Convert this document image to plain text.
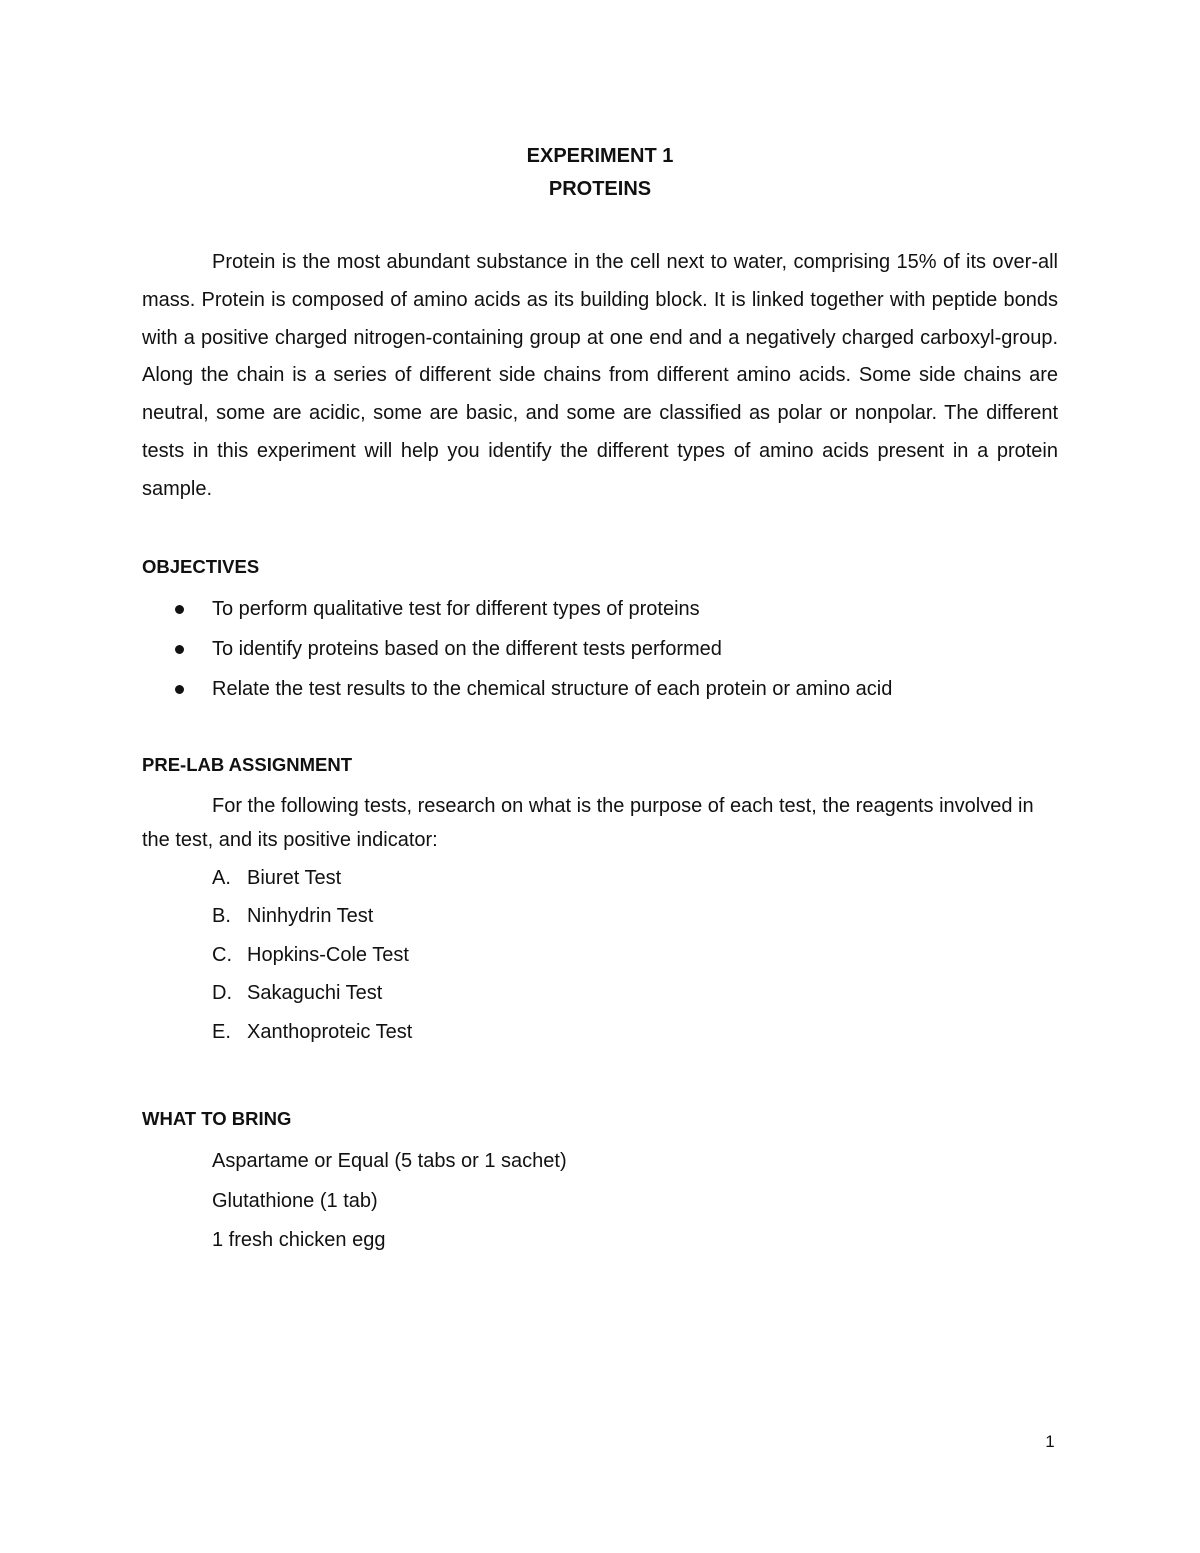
EXPERIMENT 1
PROTEINS

Protein is the most abundant substance in the cell next to water, comprising 15% of its over-all mass. Protein is composed of amino acids as its building block. It is linked together with peptide bonds with a positive charged nitrogen-containing group at one end and a negatively charged carboxyl-group. Along the chain is a series of different side chains from different amino acids. Some side chains are neutral, some are acidic, some are basic, and some are classified as polar or nonpolar. The different tests in this experiment will help you identify the different types of amino acids present in a protein sample.

OBJECTIVES
To perform qualitative test for different types of proteins
To identify proteins based on the different tests performed
Relate the test results to the chemical structure of each protein or amino acid
PRE-LAB ASSIGNMENT

For the following tests, research on what is the purpose of each test, the reagents involved in the test, and its positive indicator:

A. Biuret Test
B. Ninhydrin Test
C. Hopkins-Cole Test
D. Sakaguchi Test
E. Xanthoproteic Test
WHAT TO BRING
Aspartame or Equal (5 tabs or 1 sachet)
Glutathione (1 tab)
1 fresh chicken egg
1
